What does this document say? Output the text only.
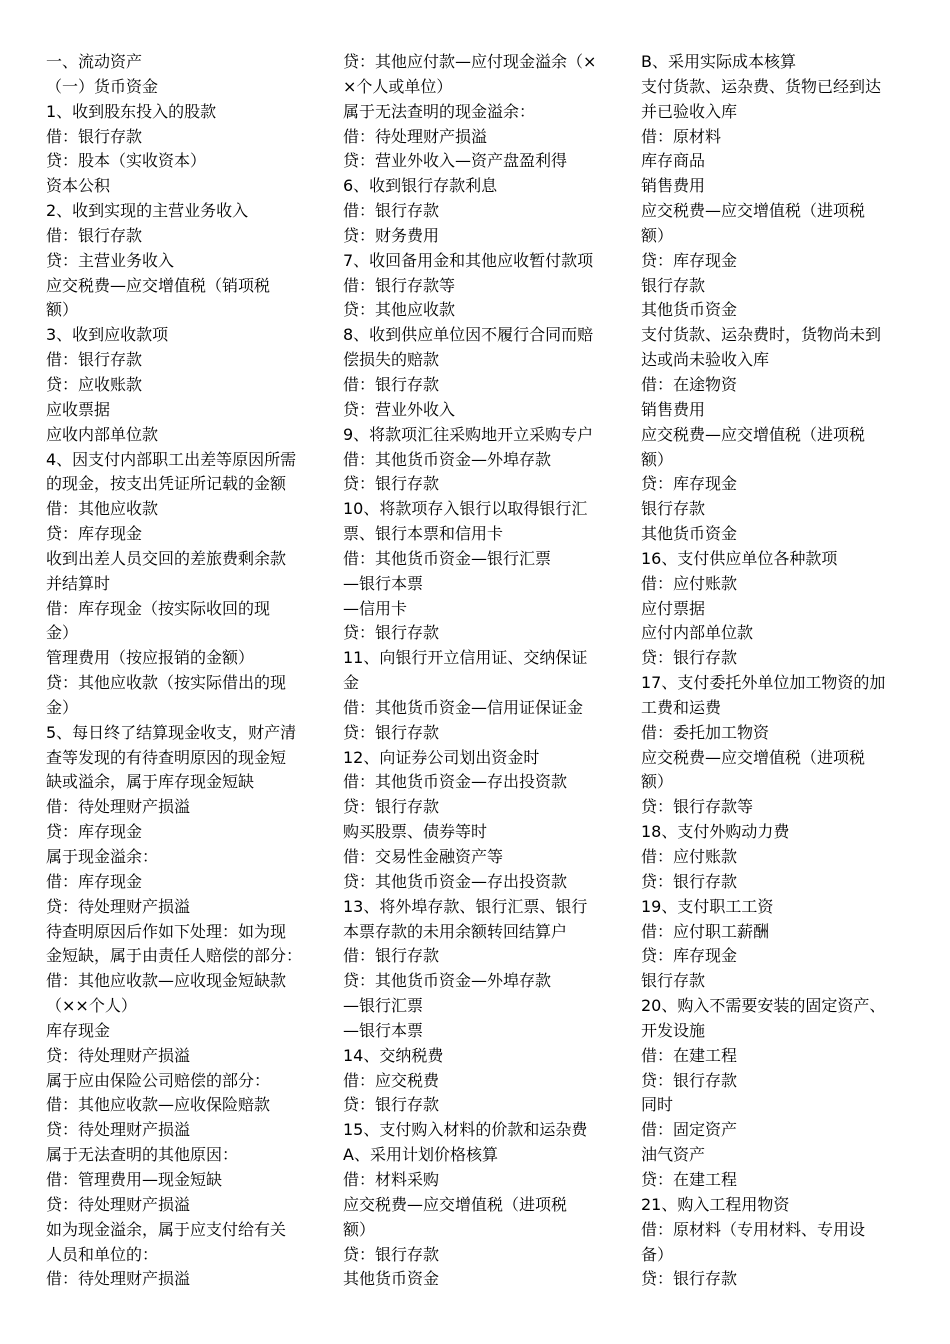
一、流动资产
（一）货币资金
1、收到股东投入的股款
借：银行存款
贷：股本（实收资本）
资本公积
2、收到实现的主营业务收入
借：银行存款
贷：主营业务收入
应交税费—应交增值税（销项税
额）
3、收到应收款项
借：银行存款
贷：应收账款
应收票据
应收内部单位款
4、因支付内部职工出差等原因所需
的现金，按支出凭证所记载的金额
借：其他应收款
贷：库存现金
收到出差人员交回的差旅费剩余款
并结算时
借：库存现金（按实际收回的现
金）
管理费用（按应报销的金额）
贷：其他应收款（按实际借出的现
金）
5、每日终了结算现金收支，财产清
查等发现的有待查明原因的现金短
缺或溢余，属于库存现金短缺
借：待处理财产损溢
贷：库存现金
属于现金溢余：
借：库存现金
贷：待处理财产损溢
待查明原因后作如下处理：如为现
金短缺，属于由责任人赔偿的部分：
借：其他应收款—应收现金短缺款
（××个人）
库存现金
贷：待处理财产损溢
属于应由保险公司赔偿的部分：
借：其他应收款—应收保险赔款
贷：待处理财产损溢
属于无法查明的其他原因：
借：管理费用—现金短缺
贷：待处理财产损溢
如为现金溢余，属于应支付给有关
人员和单位的：
借：待处理财产损溢
贷：其他应付款—应付现金溢余（×
×个人或单位）
属于无法查明的现金溢余：
借：待处理财产损溢
贷：营业外收入—资产盘盈利得
6、收到银行存款利息
借：银行存款
贷：财务费用
7、收回备用金和其他应收暂付款项
借：银行存款等
贷：其他应收款
8、收到供应单位因不履行合同而赔
偿损失的赔款
借：银行存款
贷：营业外收入
9、将款项汇往采购地开立采购专户
借：其他货币资金—外埠存款
贷：银行存款
10、将款项存入银行以取得银行汇
票、银行本票和信用卡
借：其他货币资金—银行汇票
—银行本票
—信用卡
贷：银行存款
11、向银行开立信用证、交纳保证
金
借：其他货币资金—信用证保证金
贷：银行存款
12、向证券公司划出资金时
借：其他货币资金—存出投资款
贷：银行存款
购买股票、债券等时
借：交易性金融资产等
贷：其他货币资金—存出投资款
13、将外埠存款、银行汇票、银行
本票存款的未用余额转回结算户
借：银行存款
贷：其他货币资金—外埠存款
—银行汇票
—银行本票
14、交纳税费
借：应交税费
贷：银行存款
15、支付购入材料的价款和运杂费
A、采用计划价格核算
借：材料采购
应交税费—应交增值税（进项税
额）
贷：银行存款
其他货币资金
B、采用实际成本核算
支付货款、运杂费、货物已经到达
并已验收入库
借：原材料
库存商品
销售费用
应交税费—应交增值税（进项税
额）
贷：库存现金
银行存款
其他货币资金
支付货款、运杂费时，货物尚未到
达或尚未验收入库
借：在途物资
销售费用
应交税费—应交增值税（进项税
额）
贷：库存现金
银行存款
其他货币资金
16、支付供应单位各种款项
借：应付账款
应付票据
应付内部单位款
贷：银行存款
17、支付委托外单位加工物资的加
工费和运费
借：委托加工物资
应交税费—应交增值税（进项税
额）
贷：银行存款等
18、支付外购动力费
借：应付账款
贷：银行存款
19、支付职工工资
借：应付职工薪酬
贷：库存现金
银行存款
20、购入不需要安装的固定资产、
开发设施
借：在建工程
贷：银行存款
同时
借：固定资产
油气资产
贷：在建工程
21、购入工程用物资
借：原材料（专用材料、专用设
备）
贷：银行存款
